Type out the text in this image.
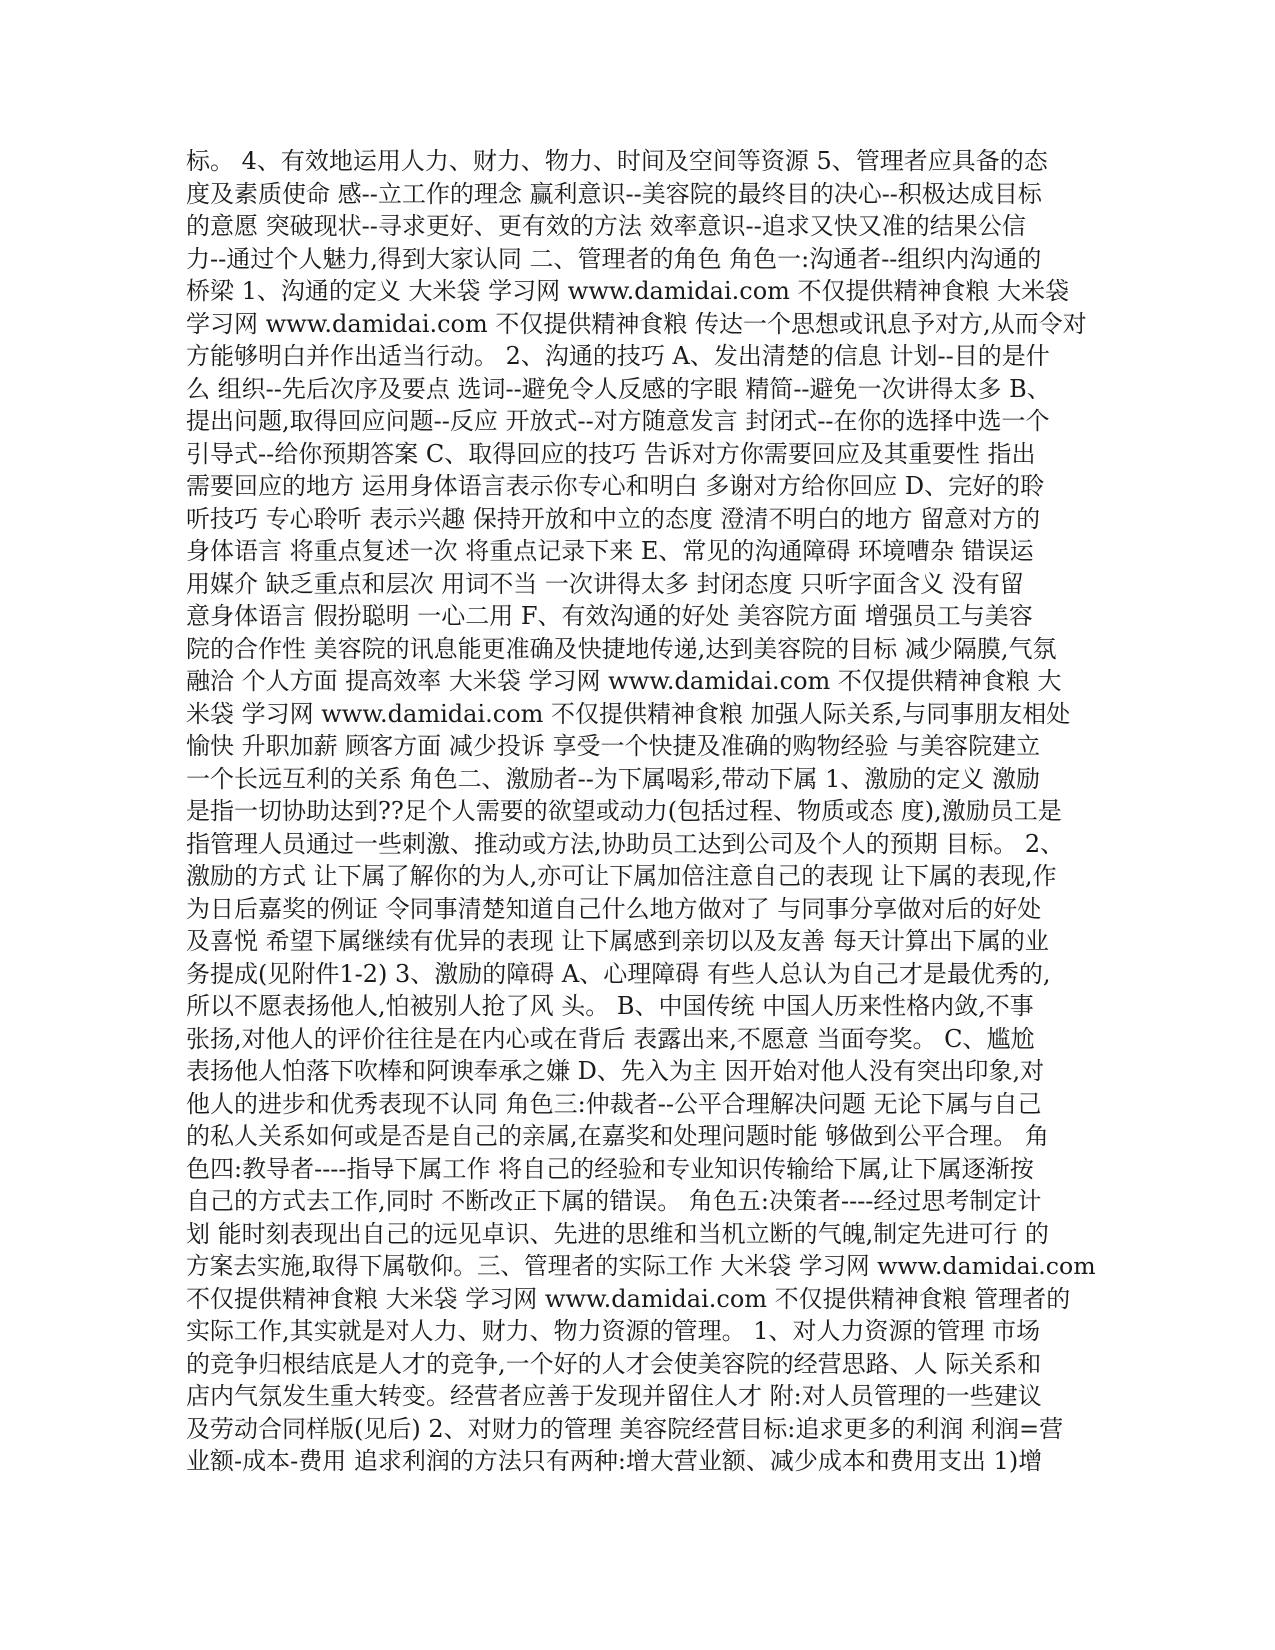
标。 4、有效地运用人力、财力、物力、时间及空间等资源 5、管理者应具备的态
度及素质使命 感--立工作的理念 赢利意识--美容院的最终目的决心--积极达成目标
的意愿 突破现状--寻求更好、更有效的方法 效率意识--追求又快又准的结果公信
力--通过个人魅力,得到大家认同 二、管理者的角色 角色一:沟通者--组织内沟通的
桥梁 1、沟通的定义 大米袋 学习网 www.damidai.com 不仅提供精神食粮 大米袋
学习网 www.damidai.com 不仅提供精神食粮 传达一个思想或讯息予对方,从而令对
方能够明白并作出适当行动。 2、沟通的技巧 A、发出清楚的信息 计划--目的是什
么 组织--先后次序及要点 选词--避免令人反感的字眼 精简--避免一次讲得太多 B、
提出问题,取得回应问题--反应 开放式--对方随意发言 封闭式--在你的选择中选一个
引导式--给你预期答案 C、取得回应的技巧 告诉对方你需要回应及其重要性 指出
需要回应的地方 运用身体语言表示你专心和明白 多谢对方给你回应 D、完好的聆
听技巧 专心聆听 表示兴趣 保持开放和中立的态度 澄清不明白的地方 留意对方的
身体语言 将重点复述一次 将重点记录下来 E、常见的沟通障碍 环境嘈杂 错误运
用媒介 缺乏重点和层次 用词不当 一次讲得太多 封闭态度 只听字面含义 没有留
意身体语言 假扮聪明 一心二用 F、有效沟通的好处 美容院方面 增强员工与美容
院的合作性 美容院的讯息能更准确及快捷地传递,达到美容院的目标 减少隔膜,气氛
融洽 个人方面 提高效率 大米袋 学习网 www.damidai.com 不仅提供精神食粮 大
米袋 学习网 www.damidai.com 不仅提供精神食粮 加强人际关系,与同事朋友相处
愉快 升职加薪 顾客方面 减少投诉 享受一个快捷及准确的购物经验 与美容院建立
一个长远互利的关系 角色二、激励者--为下属喝彩,带动下属 1、激励的定义 激励
是指一切协助达到??足个人需要的欲望或动力(包括过程、物质或态 度),激励员工是
指管理人员通过一些刺激、推动或方法,协助员工达到公司及个人的预期 目标。 2、
激励的方式 让下属了解你的为人,亦可让下属加倍注意自己的表现 让下属的表现,作
为日后嘉奖的例证 令同事清楚知道自己什么地方做对了 与同事分享做对后的好处
及喜悦 希望下属继续有优异的表现 让下属感到亲切以及友善 每天计算出下属的业
务提成(见附件1-2) 3、激励的障碍 A、心理障碍 有些人总认为自己才是最优秀的,
所以不愿表扬他人,怕被别人抢了风 头。 B、中国传统 中国人历来性格内敛,不事
张扬,对他人的评价往往是在内心或在背后 表露出来,不愿意 当面夸奖。 C、尴尬
表扬他人怕落下吹棒和阿谀奉承之嫌 D、先入为主 因开始对他人没有突出印象,对
他人的进步和优秀表现不认同 角色三:仲裁者--公平合理解决问题 无论下属与自己
的私人关系如何或是否是自己的亲属,在嘉奖和处理问题时能 够做到公平合理。 角
色四:教导者----指导下属工作 将自己的经验和专业知识传输给下属,让下属逐渐按
自己的方式去工作,同时 不断改正下属的错误。 角色五:决策者----经过思考制定计
划 能时刻表现出自己的远见卓识、先进的思维和当机立断的气魄,制定先进可行 的
方案去实施,取得下属敬仰。三、管理者的实际工作 大米袋 学习网 www.damidai.com
不仅提供精神食粮 大米袋 学习网 www.damidai.com 不仅提供精神食粮 管理者的
实际工作,其实就是对人力、财力、物力资源的管理。 1、对人力资源的管理 市场
的竞争归根结底是人才的竞争,一个好的人才会使美容院的经营思路、人 际关系和
店内气氛发生重大转变。经营者应善于发现并留住人才 附:对人员管理的一些建议
及劳动合同样版(见后) 2、对财力的管理 美容院经营目标:追求更多的利润 利润=营
业额-成本-费用 追求利润的方法只有两种:增大营业额、减少成本和费用支出 1)增
